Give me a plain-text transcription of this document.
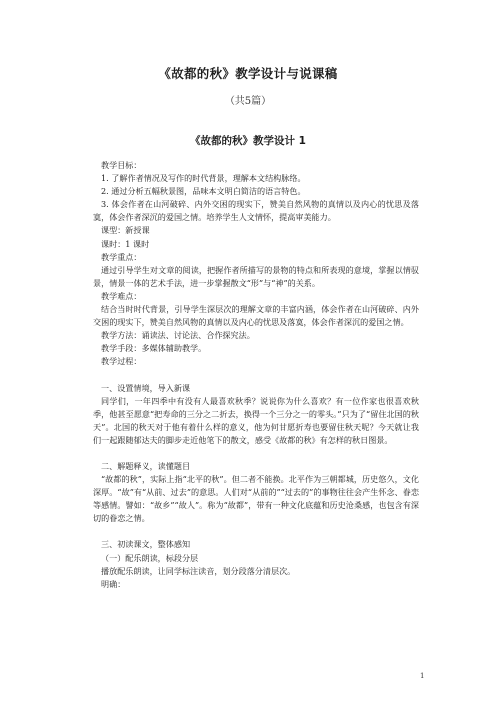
《故都的秋》教学设计与说课稿
（共5篇）
《故都的秋》教学设计 1

教学目标：

1. 了解作者情况及写作的时代背景，理解本文结构脉络。

2. 通过分析五幅秋景图，品味本文明白简洁的语言特色。

3. 体会作者在山河破碎、内外交困的现实下，赞美自然风物的真情以及内心的忧思及落寞，体会作者深沉的爱国之情。培养学生人文情怀，提高审美能力。

课型：新授课

课时：1 课时

教学重点：

通过引导学生对文章的阅读，把握作者所描写的景物的特点和所表现的意境，掌握以情驭景，情景一体的艺术手法，进一步掌握散文“形”与“神”的关系。

教学难点：

结合当时时代背景，引导学生深层次的理解文章的丰富内涵，体会作者在山河破碎、内外交困的现实下，赞美自然风物的真情以及内心的忧思及落寞，体会作者深沉的爱国之情。

教学方法：诵读法、讨论法、合作探究法。

教学手段：多媒体辅助教学。

教学过程：

一、设置情境，导入新课

同学们，一年四季中有没有人最喜欢秋季？说说你为什么喜欢？有一位作家也很喜欢秋季，他甚至愿意“把寿命的三分之二折去，换得一个三分之一的零头。”只为了“留住北国的秋天”。北国的秋天对于他有着什么样的意义，他为何甘愿折寿也要留住秋天呢？今天就让我们一起跟随郁达夫的脚步走近他笔下的散文，感受《故都的秋》有怎样的秋日图景。

二、解题释义，读懂题目

“故都的秋”，实际上指“北平的秋”。但二者不能换。北平作为三朝都城，历史悠久，文化深厚。“故”有“从前、过去”的意思。人们对“从前的”“过去的”的事物往往会产生怀念、眷恋等感情。譬如：“故乡”“故人”。称为“故都”，带有一种文化底蕴和历史沧桑感，也包含有深切的眷恋之情。

三、初读课文，整体感知

（一）配乐朗读，标段分层

播放配乐朗读，让同学标注读音，划分段落分清层次。

明确：

1
